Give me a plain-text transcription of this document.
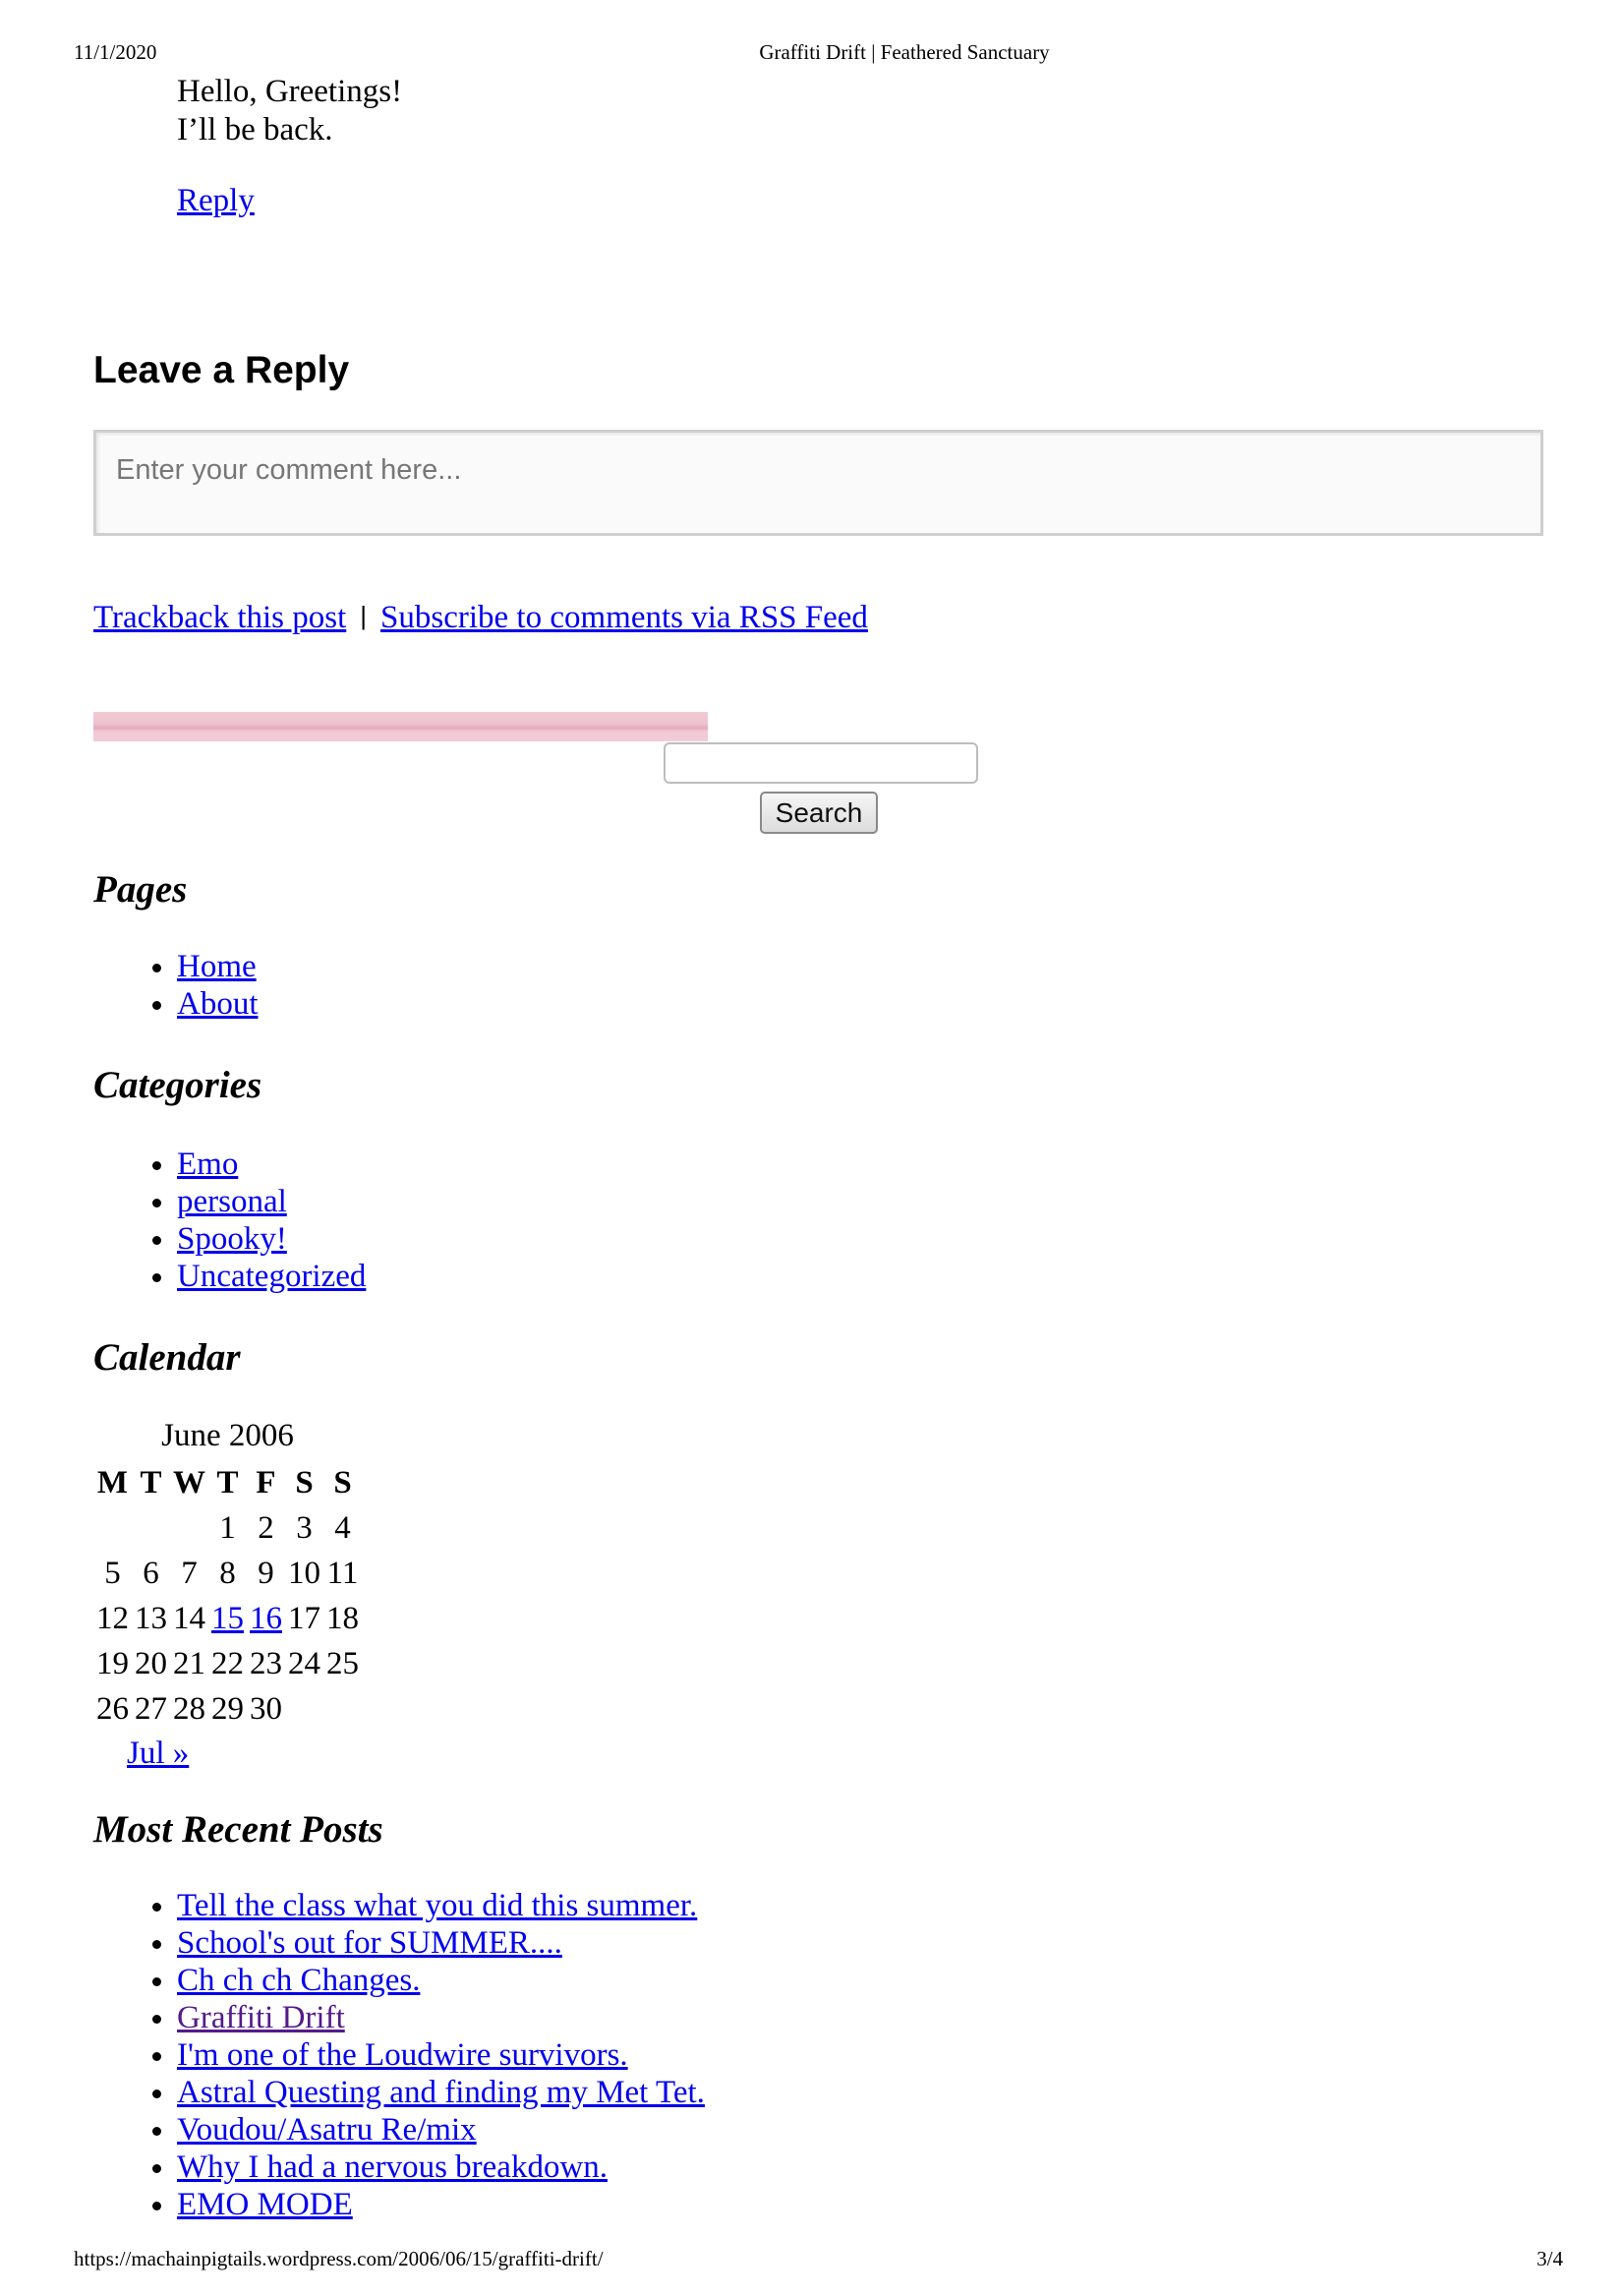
11/1/2020	Graffiti Drift | Feathered Sanctuary
Hello, Greetings!
I’ll be back.
Reply
Leave a Reply
Enter your comment here...
Trackback this post | Subscribe to comments via RSS Feed
Search
Pages
• Home
• About
Categories
• Emo
• personal
• Spooky!
• Uncategorized
Calendar
June 2006
M	T	W	T	F	S	S
			1	2	3	4
5	6	7	8	9	10	11
12	13	14	15	16	17	18
19	20	21	22	23	24	25
26	27	28	29	30		
Jul »
Most Recent Posts
• Tell the class what you did this summer.
• School's out for SUMMER....
• Ch ch ch Changes.
• Graffiti Drift
• I'm one of the Loudwire survivors.
• Astral Questing and finding my Met Tet.
• Voudou/Asatru Re/mix
• Why I had a nervous breakdown.
• EMO MODE
https://machainpigtails.wordpress.com/2006/06/15/graffiti-drift/	3/4
